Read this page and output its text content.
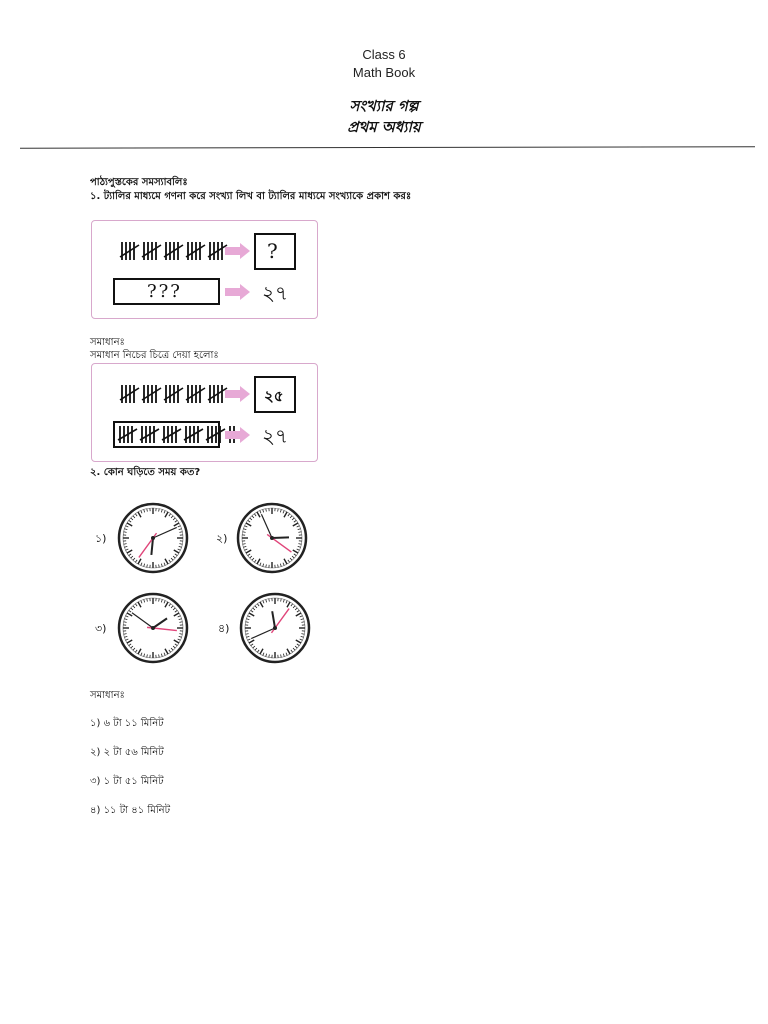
Class 6
Math Book
সংখ্যার গল্প
প্রথম অধ্যায়
পাঠ্যপুস্তকের সমস্যাবলিঃ
১. ট্যালির মাধ্যমে গণনা করে সংখ্যা লিখ বা ট্যালির মাধ্যমে সংখ্যাকে প্রকাশ করঃ
?
???	২৭
সমাধানঃ
সমাধান নিচের চিত্রে দেয়া হলোঃ
২৫
২৭
২. কোন ঘড়িতে সময় কত?
১)	২)
৩)	৪)
সমাধানঃ
১) ৬ টা ১১ মিনিট
২) ২ টা ৫৬ মিনিট
৩) ১ টা ৫১ মিনিট
৪) ১১ টা ৪১ মিনিট
